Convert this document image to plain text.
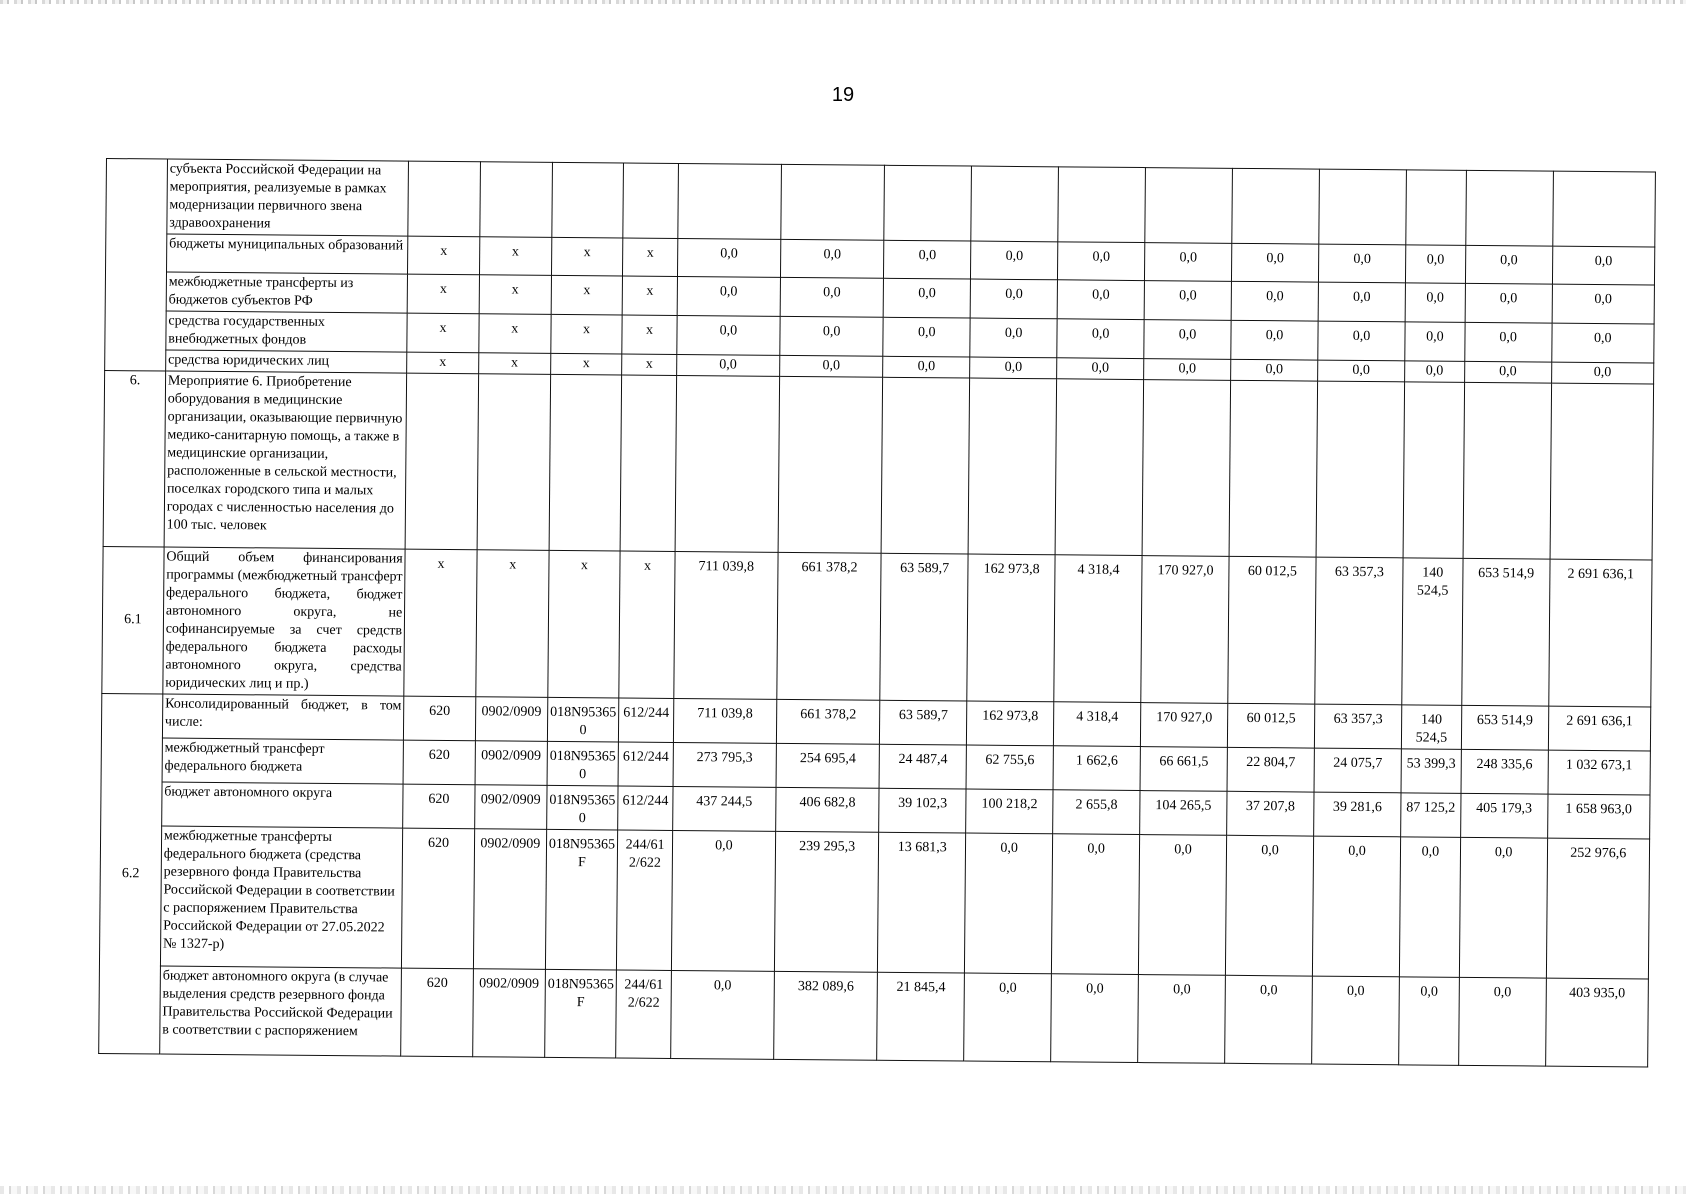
19
	субъекта Российской Федерации на мероприятия, реализуемые в рамках модернизации первичного звена здравоохранения															
	бюджеты муниципальных образований	x	x	x	x	0,0	0,0	0,0	0,0	0,0	0,0	0,0	0,0	0,0	0,0	0,0
	межбюджетные трансферты из бюджетов субъектов РФ	x	x	x	x	0,0	0,0	0,0	0,0	0,0	0,0	0,0	0,0	0,0	0,0	0,0
	средства государственных внебюджетных фондов	x	x	x	x	0,0	0,0	0,0	0,0	0,0	0,0	0,0	0,0	0,0	0,0	0,0
	средства юридических лиц	x	x	x	x	0,0	0,0	0,0	0,0	0,0	0,0	0,0	0,0	0,0	0,0	0,0
6.	Мероприятие 6. Приобретение оборудования в медицинские организации, оказывающие первичную медико-санитарную помощь, а также в медицинские организации, расположенные в сельской местности, поселках городского типа и малых городах с численностью населения до 100 тыс. человек															
6.1	Общий объем финансирования программы (межбюджетный трансферт федерального бюджета, бюджет автономного округа, не софинансируемые за счет средств федерального бюджета расходы автономного округа, средства юридических лиц и пр.)	x	x	x	x	711 039,8	661 378,2	63 589,7	162 973,8	4 318,4	170 927,0	60 012,5	63 357,3	140 524,5	653 514,9	2 691 636,1
6.2	Консолидированный бюджет, в том числе:	620	0902/0909	018N953650	612/244	711 039,8	661 378,2	63 589,7	162 973,8	4 318,4	170 927,0	60 012,5	63 357,3	140 524,5	653 514,9	2 691 636,1
	межбюджетный трансферт федерального бюджета	620	0902/0909	018N953650	612/244	273 795,3	254 695,4	24 487,4	62 755,6	1 662,6	66 661,5	22 804,7	24 075,7	53 399,3	248 335,6	1 032 673,1
	бюджет автономного округа	620	0902/0909	018N953650	612/244	437 244,5	406 682,8	39 102,3	100 218,2	2 655,8	104 265,5	37 207,8	39 281,6	87 125,2	405 179,3	1 658 963,0
	межбюджетные трансферты федерального бюджета (средства резервного фонда Правительства Российской Федерации в соответствии с распоряжением Правительства Российской Федерации от 27.05.2022 № 1327-р)	620	0902/0909	018N95365F	244/612/622	0,0	239 295,3	13 681,3	0,0	0,0	0,0	0,0	0,0	0,0	0,0	252 976,6
	бюджет автономного округа (в случае выделения средств резервного фонда Правительства Российской Федерации в соответствии с распоряжением	620	0902/0909	018N95365F	244/612/622	0,0	382 089,6	21 845,4	0,0	0,0	0,0	0,0	0,0	0,0	0,0	403 935,0
